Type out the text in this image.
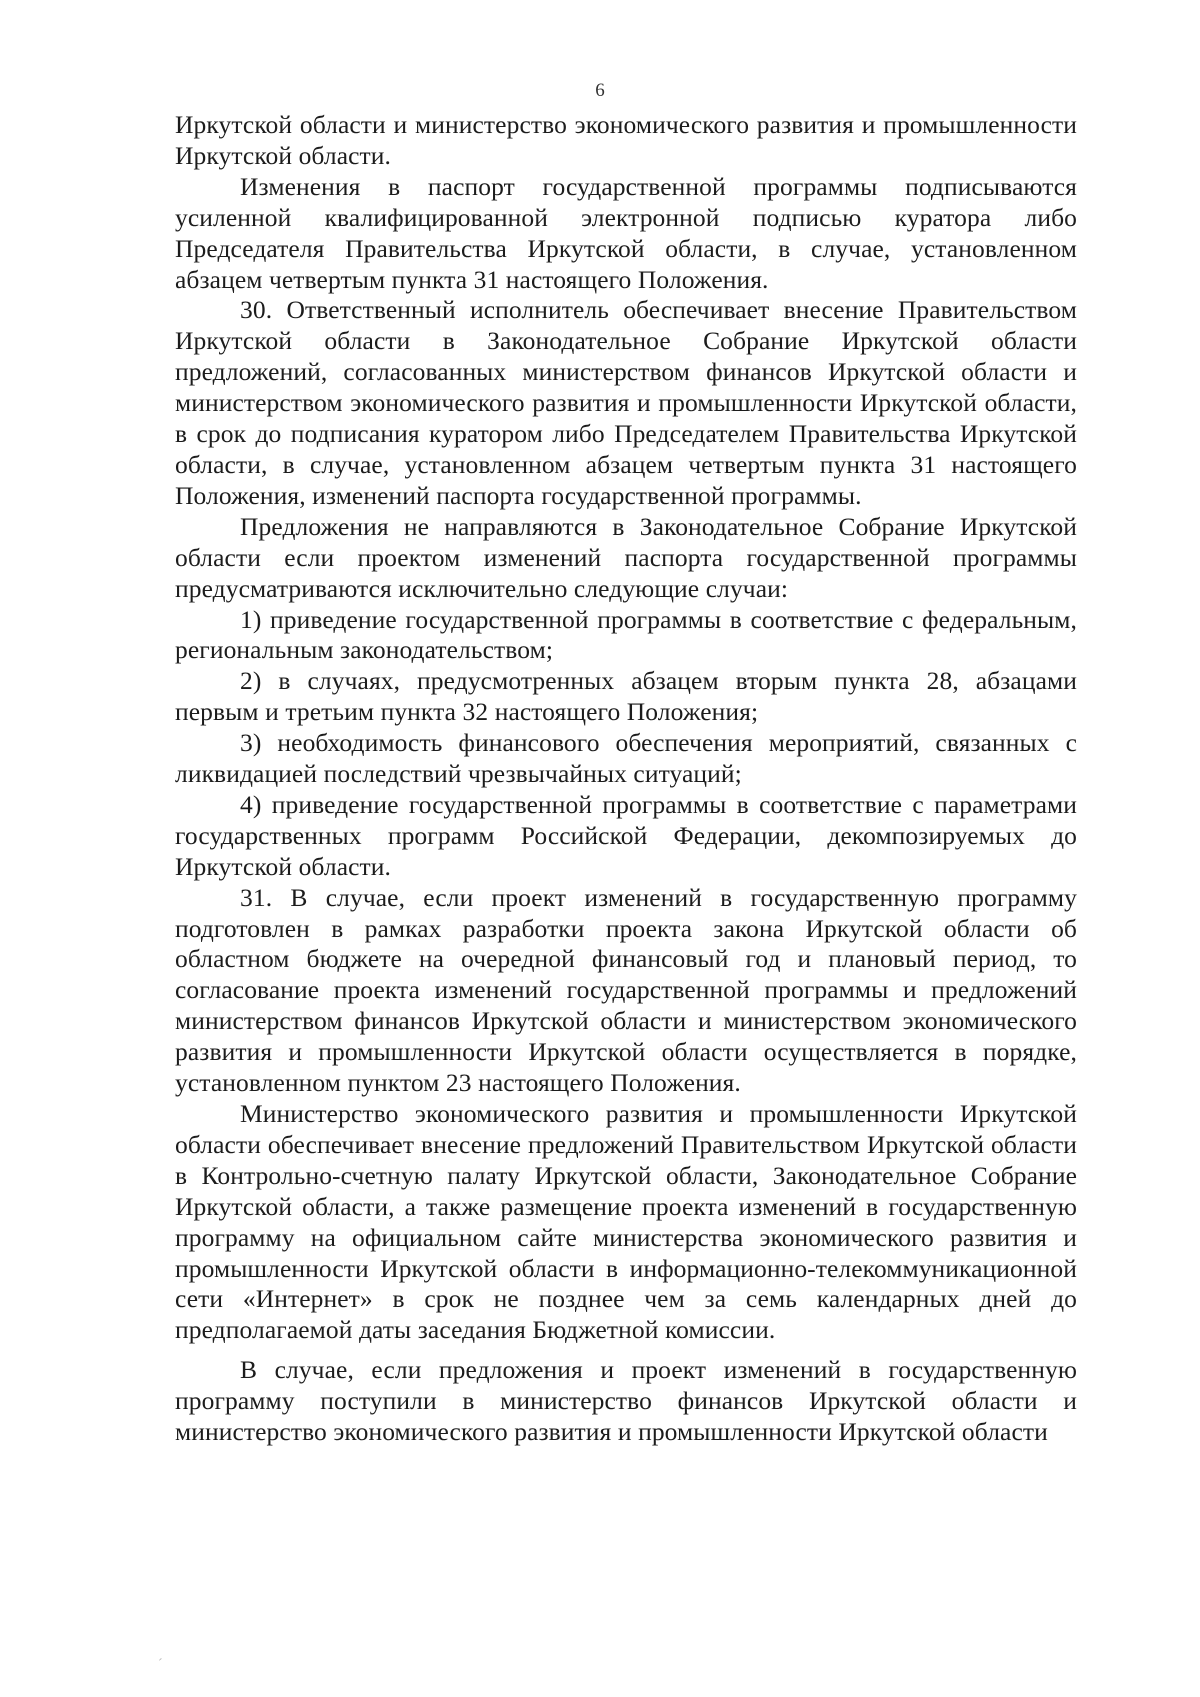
6

Иркутской области и министерство экономического развития и промышленности Иркутской области.

Изменения в паспорт государственной программы подписываются усиленной квалифицированной электронной подписью куратора либо Председателя Правительства Иркутской области, в случае, установленном абзацем четвертым пункта 31 настоящего Положения.

30. Ответственный исполнитель обеспечивает внесение Правительством Иркутской области в Законодательное Собрание Иркутской области предложений, согласованных министерством финансов Иркутской области и министерством экономического развития и промышленности Иркутской области, в срок до подписания куратором либо Председателем Правительства Иркутской области, в случае, установленном абзацем четвертым пункта 31 настоящего Положения, изменений паспорта государственной программы.

Предложения не направляются в Законодательное Собрание Иркутской области если проектом изменений паспорта государственной программы предусматриваются исключительно следующие случаи:

1) приведение государственной программы в соответствие с федеральным, региональным законодательством;

2) в случаях, предусмотренных абзацем вторым пункта 28, абзацами первым и третьим пункта 32 настоящего Положения;

3) необходимость финансового обеспечения мероприятий, связанных с ликвидацией последствий чрезвычайных ситуаций;

4) приведение государственной программы в соответствие с параметрами государственных программ Российской Федерации, декомпозируемых до Иркутской области.

31. В случае, если проект изменений в государственную программу подготовлен в рамках разработки проекта закона Иркутской области об областном бюджете на очередной финансовый год и плановый период, то согласование проекта изменений государственной программы и предложений министерством финансов Иркутской области и министерством экономического развития и промышленности Иркутской области осуществляется в порядке, установленном пунктом 23 настоящего Положения.

Министерство экономического развития и промышленности Иркутской области обеспечивает внесение предложений Правительством Иркутской области в Контрольно-счетную палату Иркутской области, Законодательное Собрание Иркутской области, а также размещение проекта изменений в государственную программу на официальном сайте министерства экономического развития и промышленности Иркутской области в информационно-телекоммуникационной сети «Интернет» в срок не позднее чем за семь календарных дней до предполагаемой даты заседания Бюджетной комиссии.

В случае, если предложения и проект изменений в государственную программу поступили в министерство финансов Иркутской области и министерство экономического развития и промышленности Иркутской области

ˊ
